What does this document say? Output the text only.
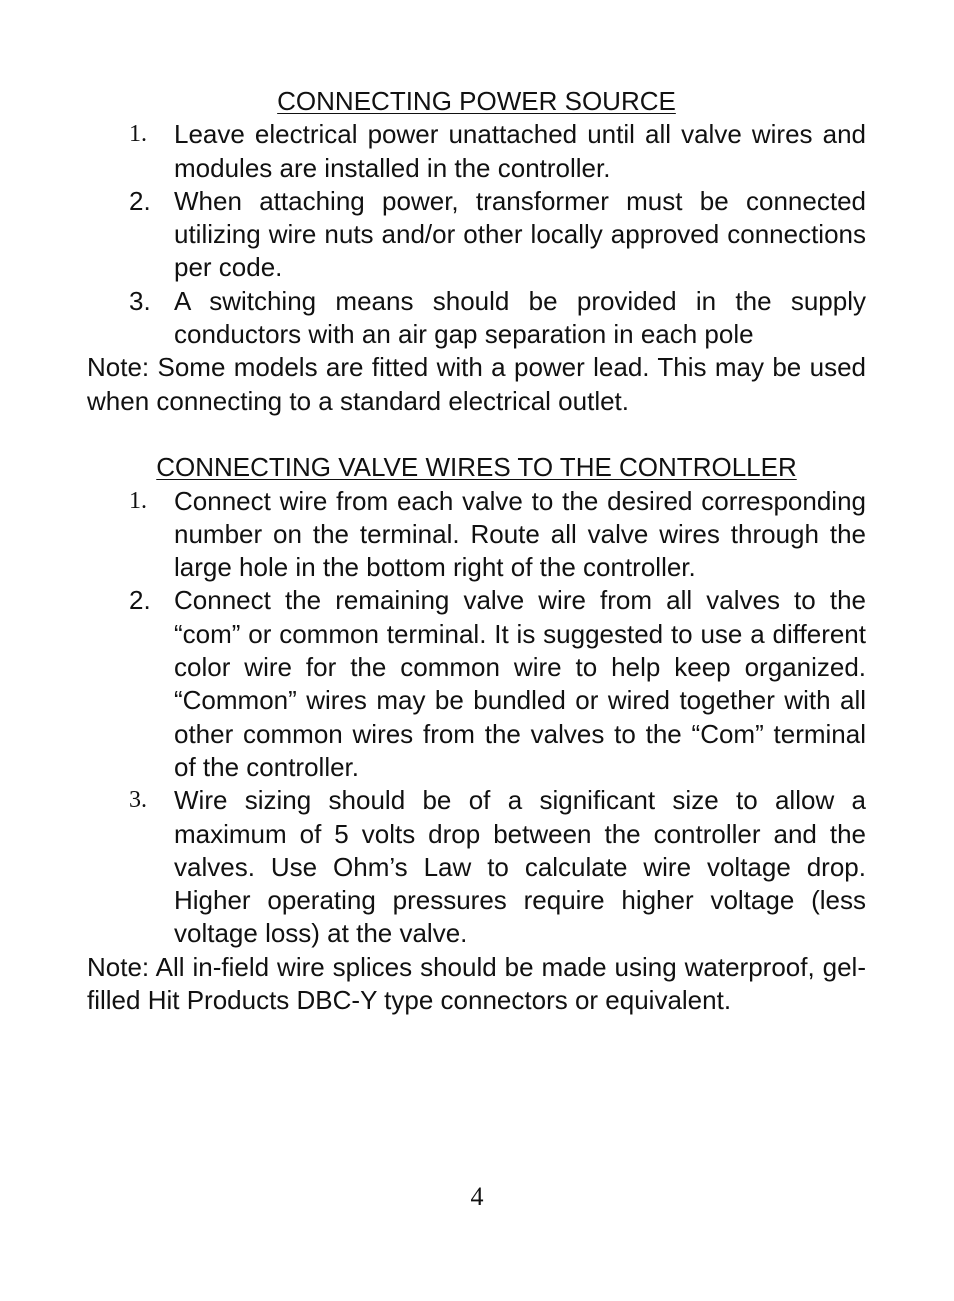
CONNECTING POWER SOURCE
1.	Leave electrical power unattached until all valve wires and modules are installed in the controller.
2. When attaching power, transformer must be connected utilizing wire nuts and/or other locally approved connections per code.
3. A switching means should be provided in the supply conductors with an air gap separation in each pole

Note: Some models are fitted with a power lead. This may be used when connecting to a standard electrical outlet.

CONNECTING VALVE WIRES TO THE CONTROLLER
1.	Connect wire from each valve to the desired corresponding number on the terminal. Route all valve wires through the large hole in the bottom right of the controller.
2. Connect the remaining valve wire from all valves to the “com” or common terminal. It is suggested to use a different color wire for the common wire to help keep organized. “Common” wires may be bundled or wired together with all other common wires from the valves to the “Com” terminal of the controller.
3.	Wire sizing should be of a significant size to allow a maximum of 5 volts drop between the controller and the valves. Use Ohm’s Law to calculate wire voltage drop. Higher operating pressures require higher voltage (less voltage loss) at the valve.

Note: All in-field wire splices should be made using waterproof, gel-filled Hit Products DBC-Y type connectors or equivalent.

4
